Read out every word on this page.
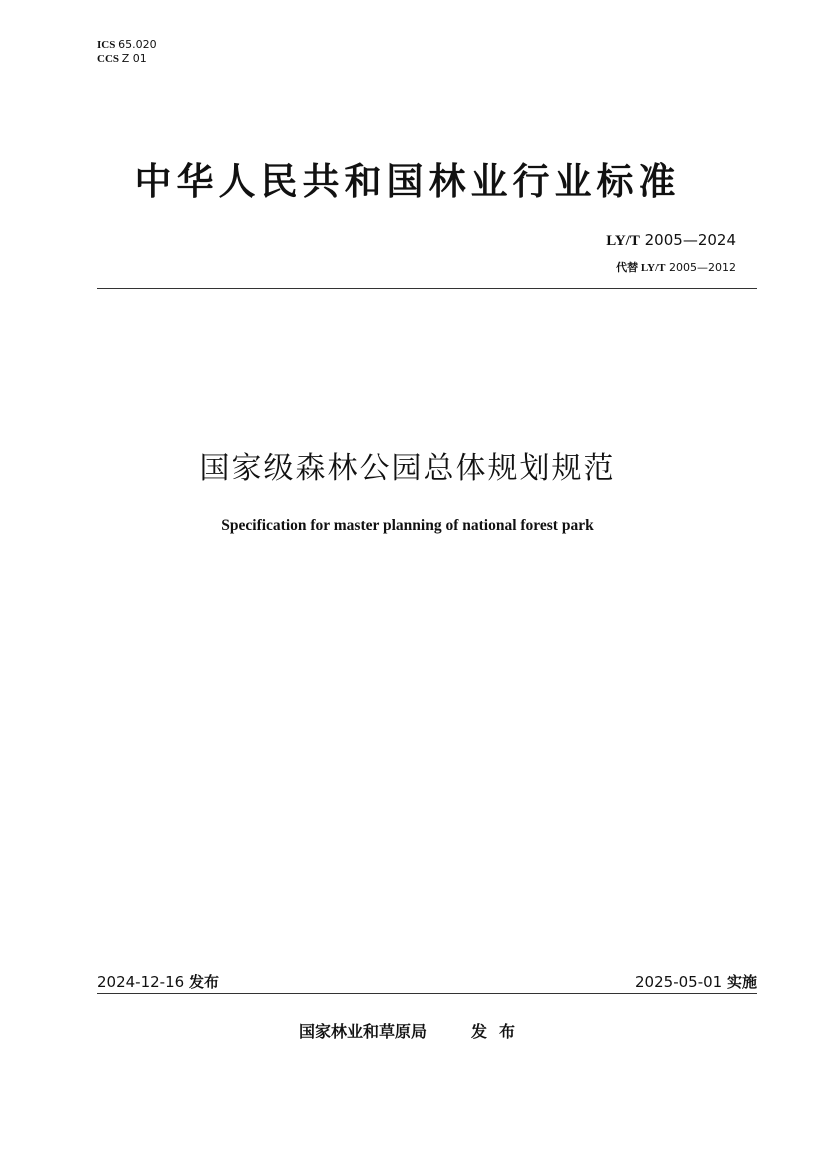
ICS 65.020
CCS Z 01
中华人民共和国林业行业标准
LY/T 2005—2024
代替 LY/T 2005—2012
国家级森林公园总体规划规范
Specification for master planning of national forest park
2024-12-16 发布	2025-05-01 实施
国家林业和草原局	发布
